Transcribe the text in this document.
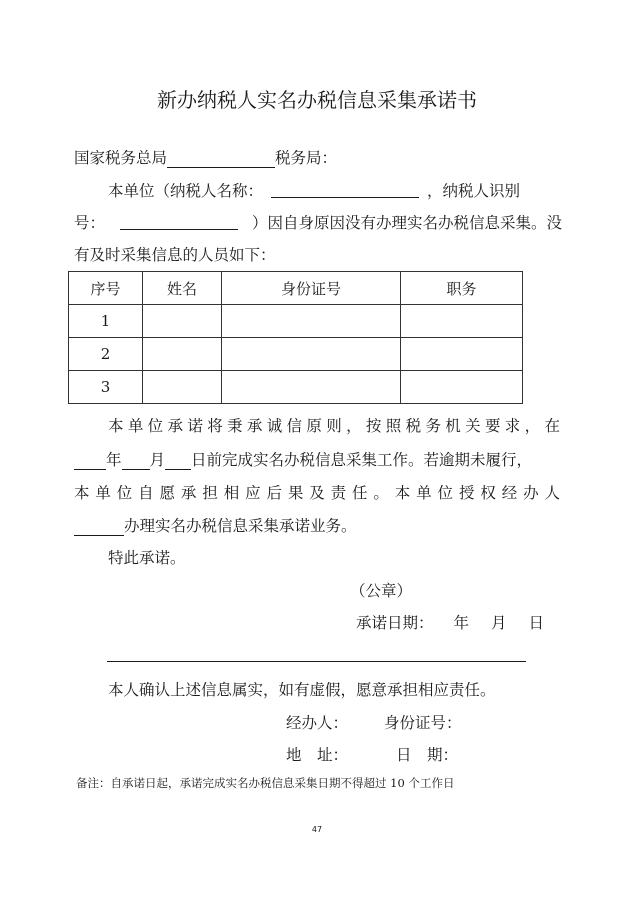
新办纳税人实名办税信息采集承诺书
国家税务总局	税务局：
本单位（纳税人名称：	，纳税人识别
号：	）因自身原因没有办理实名办税信息采集。没
有及时采集信息的人员如下：
序号	姓名	身份证号	职务
1			
2			
3			
本单位承诺将秉承诚信原则，按照税务机关要求，在
年 月 日前完成实名办税信息采集工作。若逾期未履行，
本单位自愿承担相应后果及责任。本单位授权经办人
办理实名办税信息采集承诺业务。
特此承诺。
（公章）
承诺日期： 年 月 日
本人确认上述信息属实，如有虚假，愿意承担相应责任。
经办人： 身份证号：
地　址：	日　期：
备注：自承诺日起，承诺完成实名办税信息采集日期不得超过 10 个工作日
47
